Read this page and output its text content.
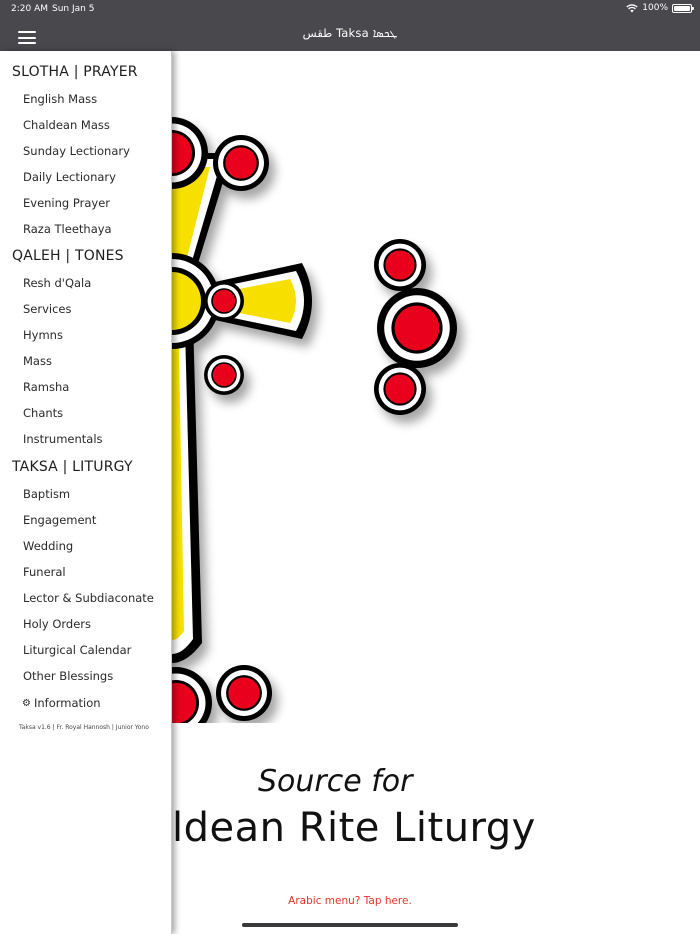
2:20 AM Sun Jan 5	100%
طقس Taksa ܛܟܣܐ
Source for
ldean Rite Liturgy
Arabic menu? Tap here.
SLOTHA | PRAYER
English Mass
Chaldean Mass
Sunday Lectionary
Daily Lectionary
Evening Prayer
Raza Tleethaya
QALEH | TONES
Resh d'Qala
Services
Hymns
Mass
Ramsha
Chants
Instrumentals
TAKSA | LITURGY
Baptism
Engagement
Wedding
Funeral
Lector & Subdiaconate
Holy Orders
Liturgical Calendar
Other Blessings
⚙ Information
Taksa v1.6 | Fr. Royal Hannosh | Junior Yono
